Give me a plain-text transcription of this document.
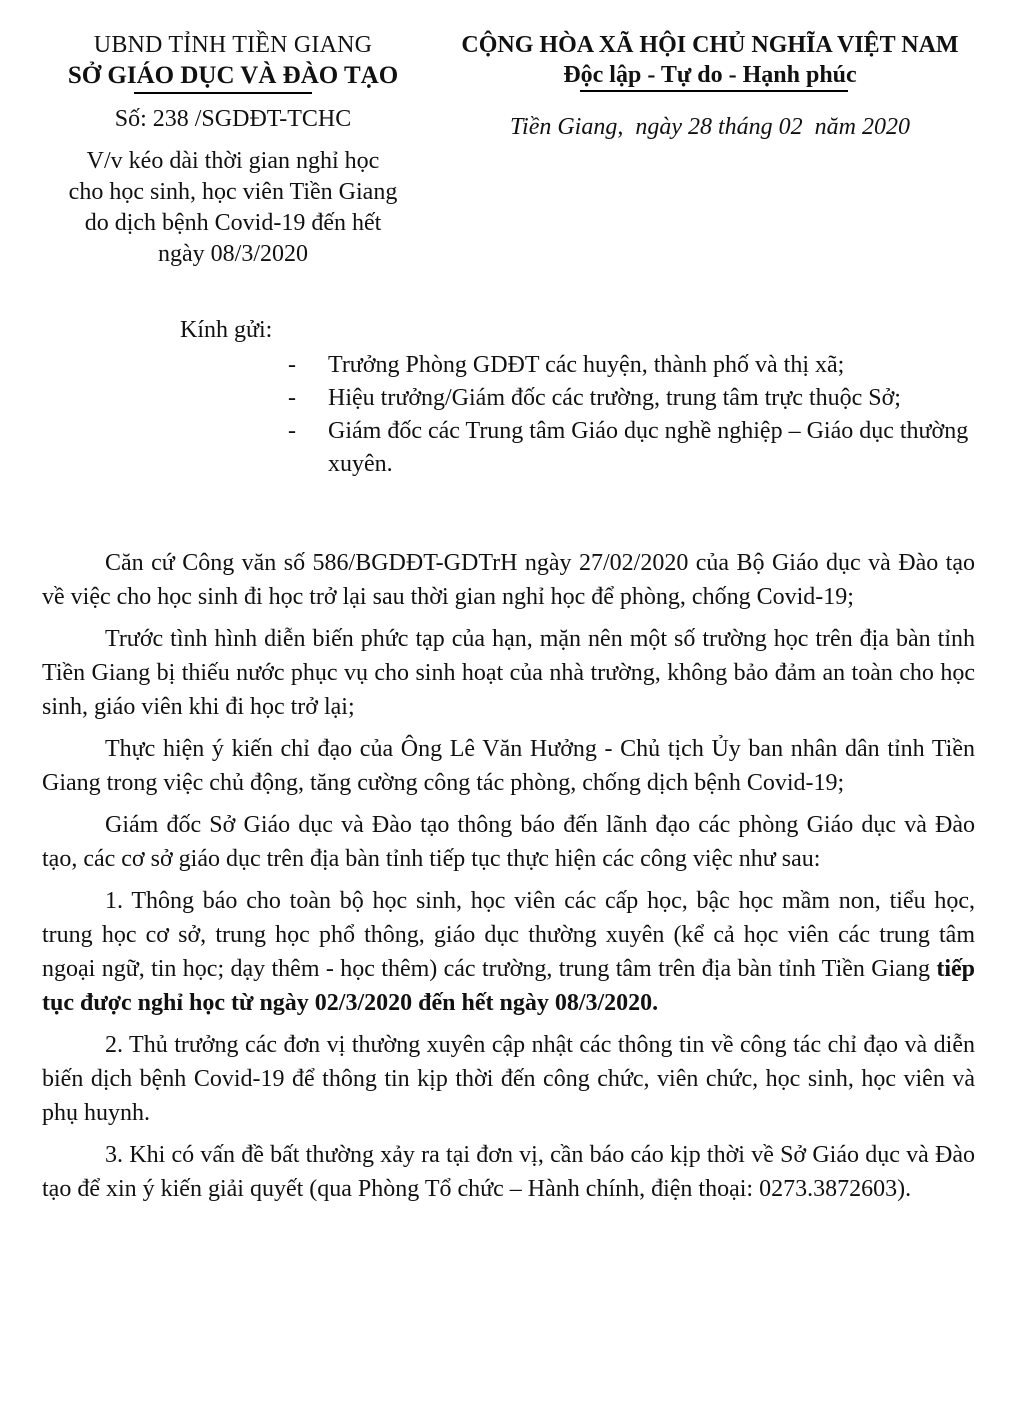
UBND TỈNH TIỀN GIANG
SỞ GIÁO DỤC VÀ ĐÀO TẠO
Số: 238 /SGDĐT-TCHC
V/v kéo dài thời gian nghỉ học
cho học sinh, học viên Tiền Giang
do dịch bệnh Covid-19 đến hết
ngày 08/3/2020
CỘNG HÒA XÃ HỘI CHỦ NGHĨA VIỆT NAM
Độc lập - Tự do - Hạnh phúc
Tiền Giang,  ngày 28 tháng 02  năm 2020
Kính gửi:
-	Trưởng Phòng GDĐT các huyện, thành phố và thị xã;
-	Hiệu trưởng/Giám đốc các trường, trung tâm trực thuộc Sở;
-	Giám đốc các Trung tâm Giáo dục nghề nghiệp – Giáo dục thường xuyên.

Căn cứ Công văn số 586/BGDĐT-GDTrH ngày 27/02/2020 của Bộ Giáo dục và Đào tạo về việc cho học sinh đi học trở lại sau thời gian nghỉ học để phòng, chống Covid-19;

Trước tình hình diễn biến phức tạp của hạn, mặn nên một số trường học trên địa bàn tỉnh Tiền Giang bị thiếu nước phục vụ cho sinh hoạt của nhà trường, không bảo đảm an toàn cho học sinh, giáo viên khi đi học trở lại;

Thực hiện ý kiến chỉ đạo của Ông Lê Văn Hưởng - Chủ tịch Ủy ban nhân dân tỉnh Tiền Giang trong việc chủ động, tăng cường công tác phòng, chống dịch bệnh Covid-19;

Giám đốc Sở Giáo dục và Đào tạo thông báo đến lãnh đạo các phòng Giáo dục và Đào tạo, các cơ sở giáo dục trên địa bàn tỉnh tiếp tục thực hiện các công việc như sau:

1. Thông báo cho toàn bộ học sinh, học viên các cấp học, bậc học mầm non, tiểu học, trung học cơ sở, trung học phổ thông, giáo dục thường xuyên (kể cả học viên các trung tâm ngoại ngữ, tin học; dạy thêm - học thêm) các trường, trung tâm trên địa bàn tỉnh Tiền Giang tiếp tục được nghỉ học từ ngày 02/3/2020 đến hết ngày 08/3/2020.

2. Thủ trưởng các đơn vị thường xuyên cập nhật các thông tin về công tác chỉ đạo và diễn biến dịch bệnh Covid-19 để thông tin kịp thời đến công chức, viên chức, học sinh, học viên và phụ huynh.

3. Khi có vấn đề bất thường xảy ra tại đơn vị, cần báo cáo kịp thời về Sở Giáo dục và Đào tạo để xin ý kiến giải quyết (qua Phòng Tổ chức – Hành chính, điện thoại: 0273.3872603).
